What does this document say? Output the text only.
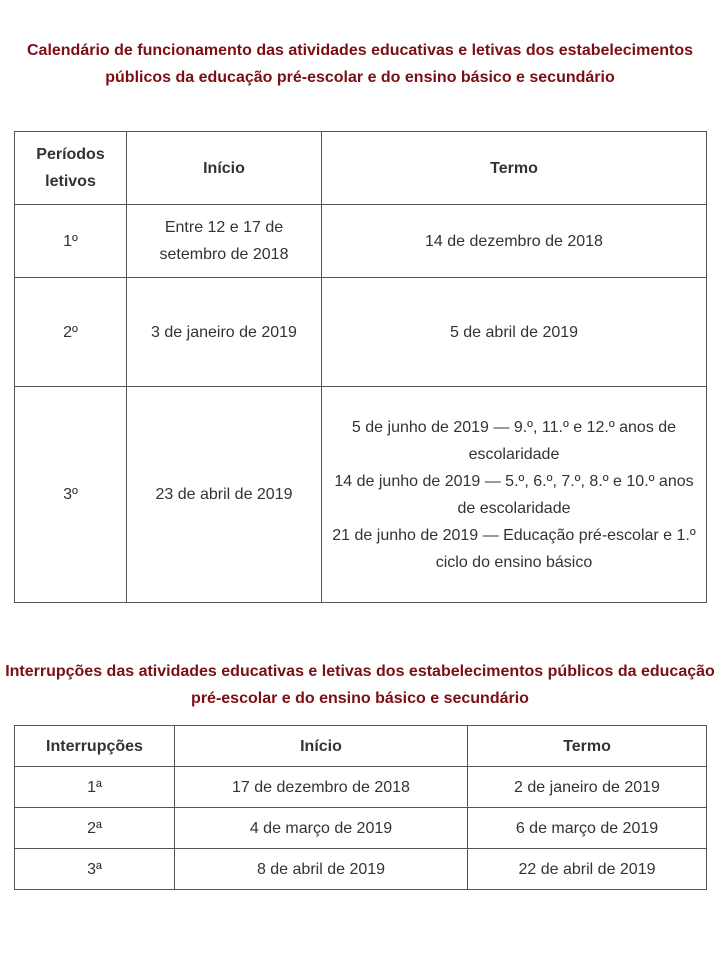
Calendário de funcionamento das atividades educativas e letivas dos estabelecimentos públicos da educação pré-escolar e do ensino básico e secundário
Períodos letivos	Início	Termo
1º	Entre 12 e 17 de setembro de 2018	14 de dezembro de 2018

2º	3 de janeiro de 2019	5 de abril de 2019

3º	23 de abril de 2019	5 de junho de 2019 — 9.º, 11.º e 12.º anos de escolaridade
14 de junho de 2019 — 5.º, 6.º, 7.º, 8.º e 10.º anos de escolaridade
21 de junho de 2019 — Educação pré-escolar e 1.º ciclo do ensino básico
Interrupções das atividades educativas e letivas dos estabelecimentos públicos da educação pré-escolar e do ensino básico e secundário
Interrupções	Início	Termo
1ª	17 de dezembro de 2018	2 de janeiro de 2019
2ª	4 de março de 2019	6 de março de 2019
3ª	8 de abril de 2019	22 de abril de 2019
